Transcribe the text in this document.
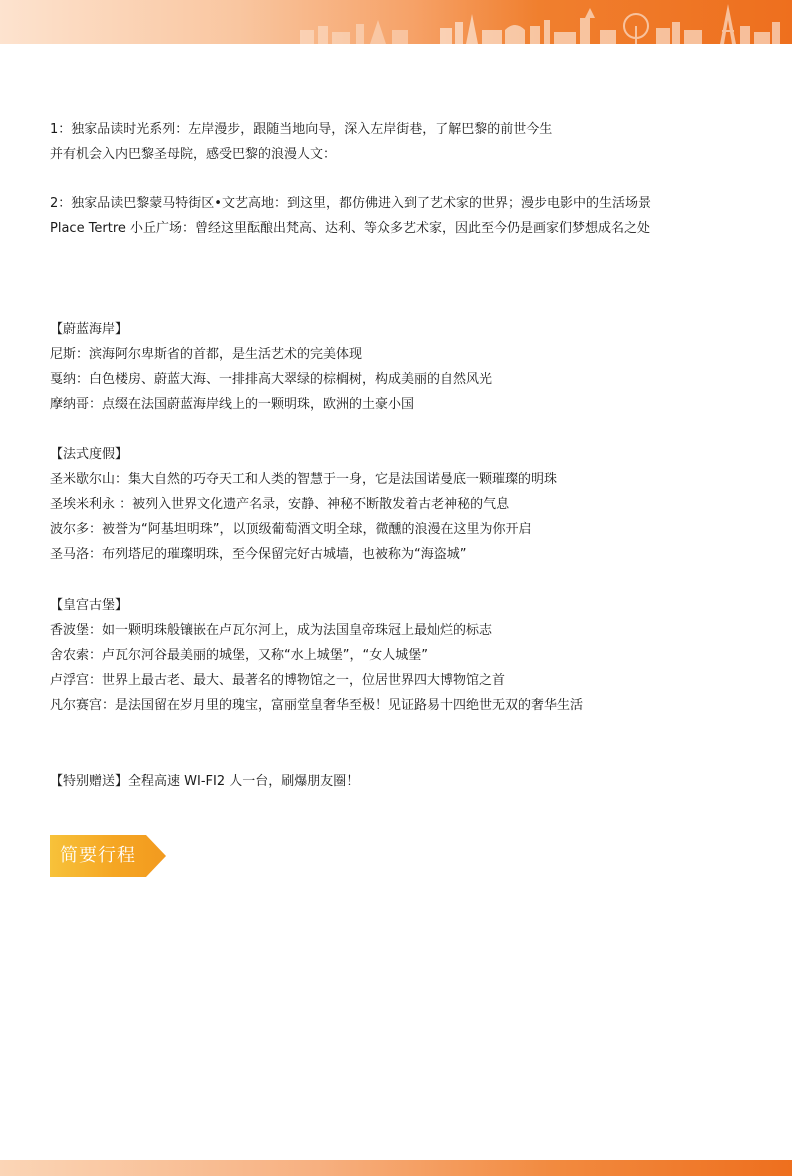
1：独家品读时光系列：左岸漫步，跟随当地向导，深入左岸街巷，了解巴黎的前世今生
并有机会入内巴黎圣母院，感受巴黎的浪漫人文：
2：独家品读巴黎蒙马特街区•文艺高地：到这里，都仿佛进入到了艺术家的世界；漫步电影中的生活场景
Place Tertre 小丘广场：曾经这里酝酿出梵高、达利、等众多艺术家，因此至今仍是画家们梦想成名之处
【蔚蓝海岸】
尼斯：滨海阿尔卑斯省的首都，是生活艺术的完美体现
戛纳：白色楼房、蔚蓝大海、一排排高大翠绿的棕榈树，构成美丽的自然风光
摩纳哥：点缀在法国蔚蓝海岸线上的一颗明珠，欧洲的土豪小国
【法式度假】
圣米歇尔山：集大自然的巧夺天工和人类的智慧于一身，它是法国诺曼底一颗璀璨的明珠
圣埃米利永 ：被列入世界文化遗产名录，安静、神秘不断散发着古老神秘的气息
波尔多：被誉为“阿基坦明珠”，以顶级葡萄酒文明全球，微醺的浪漫在这里为你开启
圣马洛：布列塔尼的璀璨明珠，至今保留完好古城墙，也被称为“海盗城”
【皇宫古堡】
香波堡：如一颗明珠般镶嵌在卢瓦尔河上，成为法国皇帝珠冠上最灿烂的标志
舍农索：卢瓦尔河谷最美丽的城堡，又称“水上城堡”，“女人城堡”
卢浮宫：世界上最古老、最大、最著名的博物馆之一，位居世界四大博物馆之首
凡尔赛宫：是法国留在岁月里的瑰宝，富丽堂皇奢华至极！见证路易十四绝世无双的奢华生活
【特别赠送】全程高速 WI-FI2 人一台，刷爆朋友圈！
简要行程
